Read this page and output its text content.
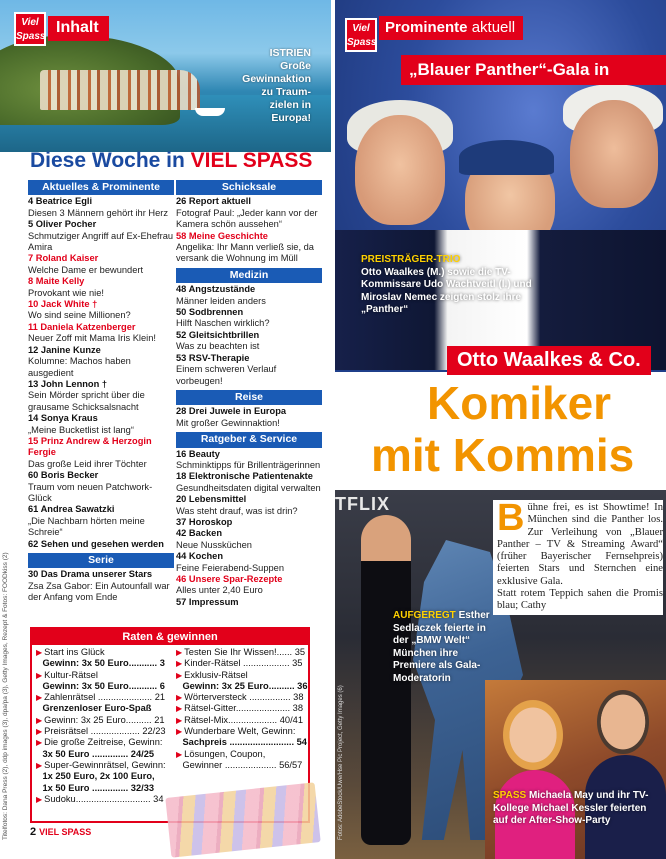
Viel Spass
Inhalt
ISTRIEN
Große
Gewinnaktion
zu Traum-
zielen in
Europa!
Titelfotos: Dana Press (2), ddp images (3), dpa/pa (3), Getty Images, Rezept & Fotos: FOODkiss (2)
Diese Woche in VIEL SPASS
Aktuelles & Prominente
4 Beatrice Egli
Diesen 3 Männern gehört ihr Herz
5 Oliver Pocher
Schmutziger Angriff auf Ex-Ehefrau Amira
7 Roland Kaiser
Welche Dame er bewundert
8 Maite Kelly
Provokant wie nie!
10 Jack White †
Wo sind seine Millionen?
11 Daniela Katzenberger
Neuer Zoff mit Mama Iris Klein!
12 Janine Kunze
Kolumne: Machos haben ausgedient
13 John Lennon †
Sein Mörder spricht über die grausame Schicksalsnacht
14 Sonya Kraus
„Meine Bucketlist ist lang“
15 Prinz Andrew & Herzogin Fergie
Das große Leid ihrer Töchter
60 Boris Becker
Traum vom neuen Patchwork-Glück
61 Andrea Sawatzki
„Die Nachbarn hörten meine Schreie“
62 Sehen und gesehen werden
Serie
30 Das Drama unserer Stars
Zsa Zsa Gabor: Ein Autounfall war der Anfang vom Ende
Schicksale
26 Report aktuell
Fotograf Paul: „Jeder kann vor der Kamera schön aussehen“
58 Meine Geschichte
Angelika: Ihr Mann verließ sie, da versank die Wohnung im Müll
Medizin
48 Angstzustände
Männer leiden anders
50 Sodbrennen
Hilft Naschen wirklich?
52 Gleitsichtbrillen
Was zu beachten ist
53 RSV-Therapie
Einem schweren Verlauf vorbeugen!
Reise
28 Drei Juwele in Europa
Mit großer Gewinnaktion!
Ratgeber & Service
16 Beauty
Schminktipps für Brillenträgerinnen
18 Elektronische Patientenakte
Gesundheitsdaten digital verwalten
20 Lebensmittel
Was steht drauf, was ist drin?
37 Horoskop
42 Backen
Neue Nussküchen
44 Kochen
Feine Feierabend-Suppen
46 Unsere Spar-Rezepte
Alles unter 2,40 Euro
57 Impressum
Raten & gewinnen
▶ Start ins Glück
Gewinn: 3x 50 Euro........... 3
▶ Kultur-Rätsel
Gewinn: 3x 50 Euro........... 6
▶ Zahlenrätsel ..................... 21
Grenzenloser Euro-Spaß
▶ Gewinn: 3x 25 Euro.......... 21
▶ Preisrätsel ................... 22/23
▶ Die große Zeitreise, Gewinn:
3x 50 Euro .............. 24/25
▶ Super-Gewinnrätsel, Gewinn:
1x 250 Euro, 2x 100 Euro,
1x 50 Euro .............. 32/33
▶ Sudoku............................. 34
▶ Testen Sie Ihr Wissen!...... 35
▶ Kinder-Rätsel .................. 35
▶ Exklusiv-Rätsel
Gewinn: 3x 25 Euro.......... 36
▶ Wörterversteck ................ 38
▶ Rätsel-Gitter..................... 38
▶ Rätsel-Mix................... 40/41
▶ Wunderbare Welt, Gewinn:
Sachpreis ......................... 54
▶ Lösungen, Coupon,
Gewinner .................... 56/57
2 VIEL SPASS
Viel Spass
Prominente aktuell
„Blauer Panther“-Gala in
PREISTRÄGER-TRIO
Otto Waalkes (M.) sowie die TV-Kommissare Udo Wachtveitl (l.) und Miroslav Nemec zeigten stolz ihre „Panther“
Otto Waalkes & Co.
Komiker
mit Kommis
TFLIX
AUFGEREGT Esther Sedlaczek feierte in der „BMW Welt“ München ihre Premiere als Gala-Moderatorin
B ühne frei, es ist Showtime! In München sind die Panther los. Zur Verleihung von „Blauer Panther – TV & Streaming Award“ (früher Bayerischer Fernsehpreis) feierten Stars und Sternchen eine exklusive Gala.
Statt rotem Teppich sahen die Promis blau; Cathy
SPASS Michaela May und ihr TV-Kollege Michael Kessler feierten auf der After-Show-Party
Fotos: AdobeStock/Uwe/Hse Pic Project, Getty Images (6)
